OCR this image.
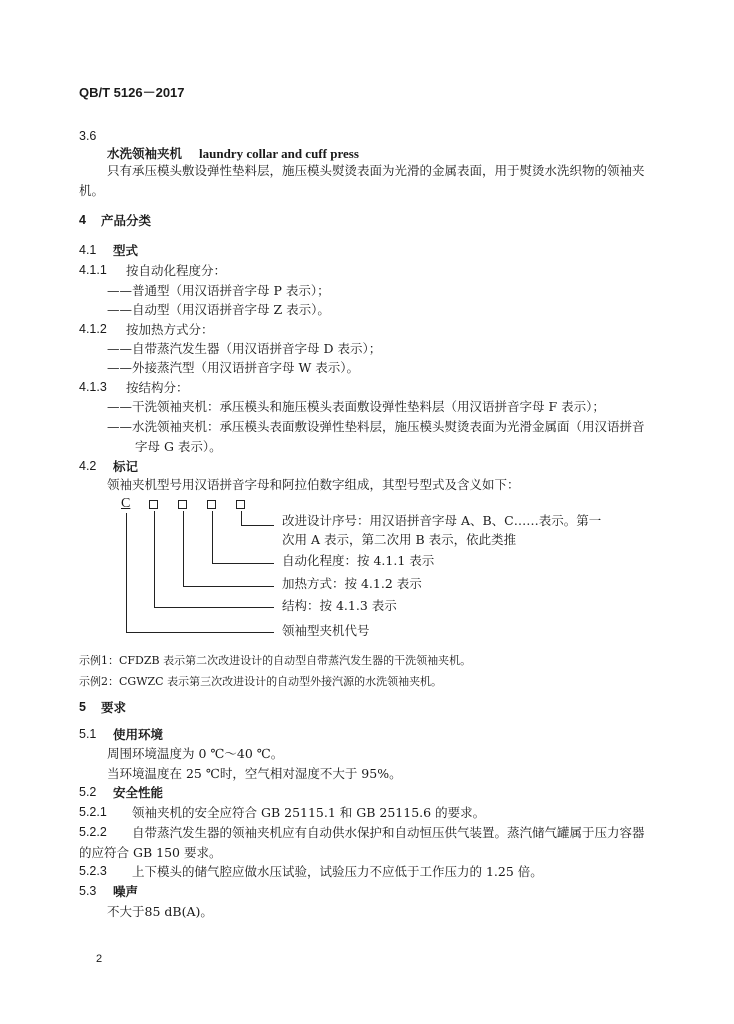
QB/T 5126－2017
3.6
水洗领袖夹机 laundry collar and cuff press
只有承压模头敷设弹性垫料层，施压模头熨烫表面为光滑的金属表面，用于熨烫水洗织物的领袖夹
机。
4 产品分类
4.1 型式
4.1.1 按自动化程度分：
——普通型（用汉语拼音字母 P 表示）；
——自动型（用汉语拼音字母 Z 表示）。
4.1.2 按加热方式分：
——自带蒸汽发生器（用汉语拼音字母 D 表示）；
——外接蒸汽型（用汉语拼音字母 W 表示）。
4.1.3 按结构分：
——干洗领袖夹机：承压模头和施压模头表面敷设弹性垫料层（用汉语拼音字母 F 表示）；
——水洗领袖夹机：承压模头表面敷设弹性垫料层，施压模头熨烫表面为光滑金属面（用汉语拼音
字母 G 表示）。
4.2 标记
领袖夹机型号用汉语拼音字母和阿拉伯数字组成，其型号型式及含义如下：
C
改进设计序号：用汉语拼音字母 A、B、C……表示。第一
次用 A 表示，第二次用 B 表示，依此类推
自动化程度：按 4.1.1 表示
加热方式：按 4.1.2 表示
结构：按 4.1.3 表示
领袖型夹机代号
示例1：CFDZB 表示第二次改进设计的自动型自带蒸汽发生器的干洗领袖夹机。
示例2：CGWZC 表示第三次改进设计的自动型外接汽源的水洗领袖夹机。
5 要求
5.1 使用环境
周围环境温度为 0 ℃～40 ℃。
当环境温度在 25 ℃时，空气相对湿度不大于 95%。
5.2 安全性能
5.2.1 领袖夹机的安全应符合 GB 25115.1 和 GB 25115.6 的要求。
5.2.2 自带蒸汽发生器的领袖夹机应有自动供水保护和自动恒压供气装置。蒸汽储气罐属于压力容器
的应符合 GB 150 要求。
5.2.3 上下模头的储气腔应做水压试验，试验压力不应低于工作压力的 1.25 倍。
5.3 噪声
不大于85 dB(A)。
2
